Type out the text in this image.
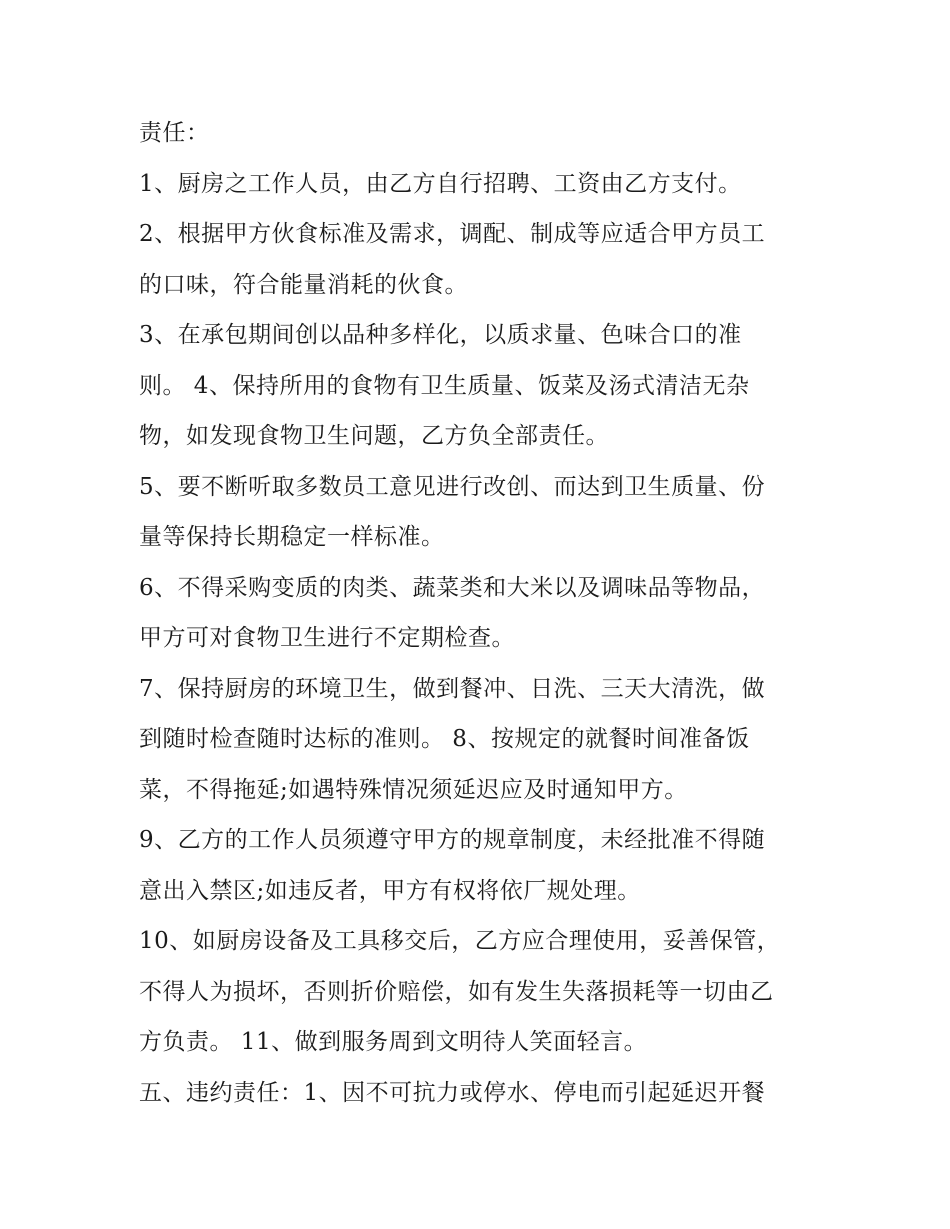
责任：
1、厨房之工作人员，由乙方自行招聘、工资由乙方支付。
2、根据甲方伙食标准及需求，调配、制成等应适合甲方员工
的口味，符合能量消耗的伙食。
3、在承包期间创以品种多样化，以质求量、色味合口的准
则。 4、保持所用的食物有卫生质量、饭菜及汤式清洁无杂
物，如发现食物卫生问题，乙方负全部责任。
5、要不断听取多数员工意见进行改创、而达到卫生质量、份
量等保持长期稳定一样标准。
6、不得采购变质的肉类、蔬菜类和大米以及调味品等物品，
甲方可对食物卫生进行不定期检查。
7、保持厨房的环境卫生，做到餐冲、日洗、三天大清洗，做
到随时检查随时达标的准则。 8、按规定的就餐时间准备饭
菜，不得拖延;如遇特殊情况须延迟应及时通知甲方。
9、乙方的工作人员须遵守甲方的规章制度，未经批准不得随
意出入禁区;如违反者，甲方有权将依厂规处理。
10、如厨房设备及工具移交后，乙方应合理使用，妥善保管，
不得人为损坏，否则折价赔偿，如有发生失落损耗等一切由乙
方负责。 11、做到服务周到文明待人笑面轻言。
五、违约责任：1、因不可抗力或停水、停电而引起延迟开餐
